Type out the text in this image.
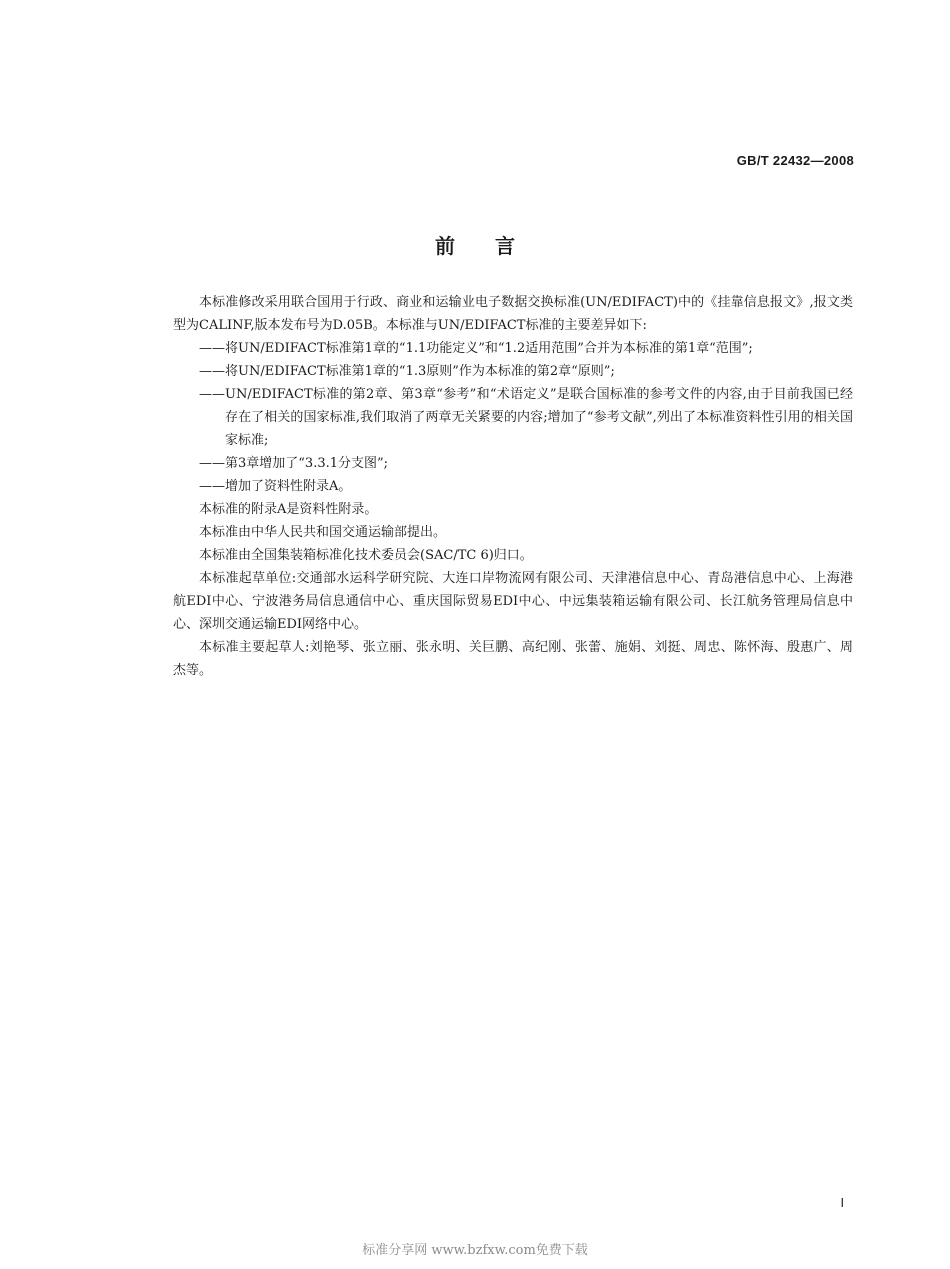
GB/T 22432—2008
前言

本标准修改采用联合国用于行政、商业和运输业电子数据交换标准(UN/EDIFACT)中的《挂靠信息报文》,报文类型为CALINF,版本发布号为D.05B。本标准与UN/EDIFACT标准的主要差异如下:

——将UN/EDIFACT标准第1章的“1.1功能定义”和“1.2适用范围”合并为本标准的第1章“范围”;

——将UN/EDIFACT标准第1章的“1.3原则”作为本标准的第2章“原则”;

——UN/EDIFACT标准的第2章、第3章“参考”和“术语定义”是联合国标准的参考文件的内容,由于目前我国已经存在了相关的国家标准,我们取消了两章无关紧要的内容;增加了“参考文献”,列出了本标准资料性引用的相关国家标准;

——第3章增加了“3.3.1分支图”;

——增加了资料性附录A。

本标准的附录A是资料性附录。

本标准由中华人民共和国交通运输部提出。

本标准由全国集装箱标准化技术委员会(SAC/TC 6)归口。

本标准起草单位:交通部水运科学研究院、大连口岸物流网有限公司、天津港信息中心、青岛港信息中心、上海港航EDI中心、宁波港务局信息通信中心、重庆国际贸易EDI中心、中远集装箱运输有限公司、长江航务管理局信息中心、深圳交通运输EDI网络中心。

本标准主要起草人:刘艳琴、张立丽、张永明、关巨鹏、高纪刚、张蕾、施娟、刘挺、周忠、陈怀海、殷惠广、周杰等。

I
标准分享网 www.bzfxw.com免费下载
